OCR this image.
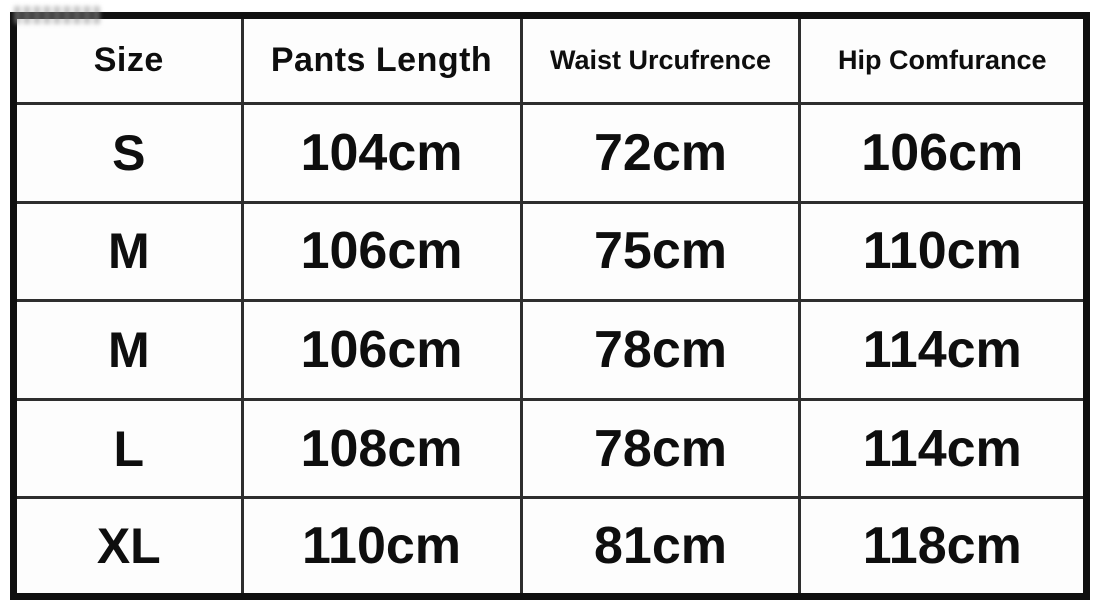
Size	Pants Length	Waist Urcufrence	Hip Comfurance
S	104cm	72cm	106cm
M	106cm	75cm	110cm
M	106cm	78cm	114cm
L	108cm	78cm	114cm
XL	110cm	81cm	118cm
